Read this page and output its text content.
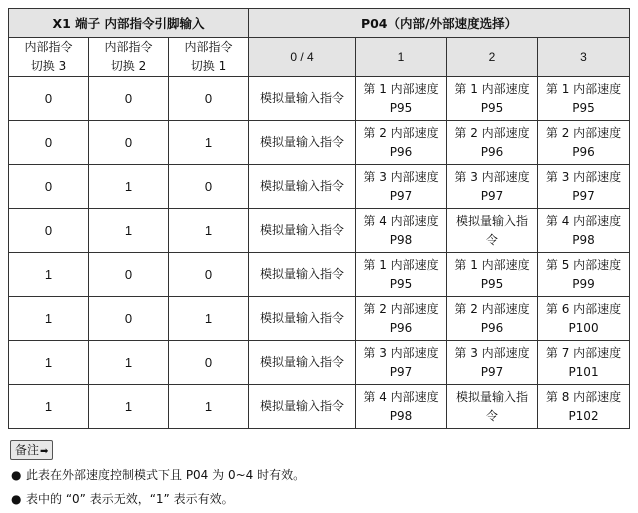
X1 端子 内部指令引脚输入			P04（内部/外部速度选择）			
内部指令切换 3	内部指令切换 2	内部指令切换 1	0 / 4	1	2	3
0	0	0	模拟量输入指令	第 1 内部速度 P95	第 1 内部速度 P95	第 1 内部速度 P95
0	0	1	模拟量输入指令	第 2 内部速度 P96	第 2 内部速度 P96	第 2 内部速度 P96
0	1	0	模拟量输入指令	第 3 内部速度 P97	第 3 内部速度 P97	第 3 内部速度 P97
0	1	1	模拟量输入指令	第 4 内部速度 P98	模拟量输入指令	第 4 内部速度 P98
1	0	0	模拟量输入指令	第 1 内部速度 P95	第 1 内部速度 P95	第 5 内部速度 P99
1	0	1	模拟量输入指令	第 2 内部速度 P96	第 2 内部速度 P96	第 6 内部速度 P100
1	1	0	模拟量输入指令	第 3 内部速度 P97	第 3 内部速度 P97	第 7 内部速度 P101
1	1	1	模拟量输入指令	第 4 内部速度 P98	模拟量输入指令	第 8 内部速度 P102
备注➡
● 此表在外部速度控制模式下且 P04 为 0~4 时有效。
● 表中的 “0” 表示无效，“1” 表示有效。
